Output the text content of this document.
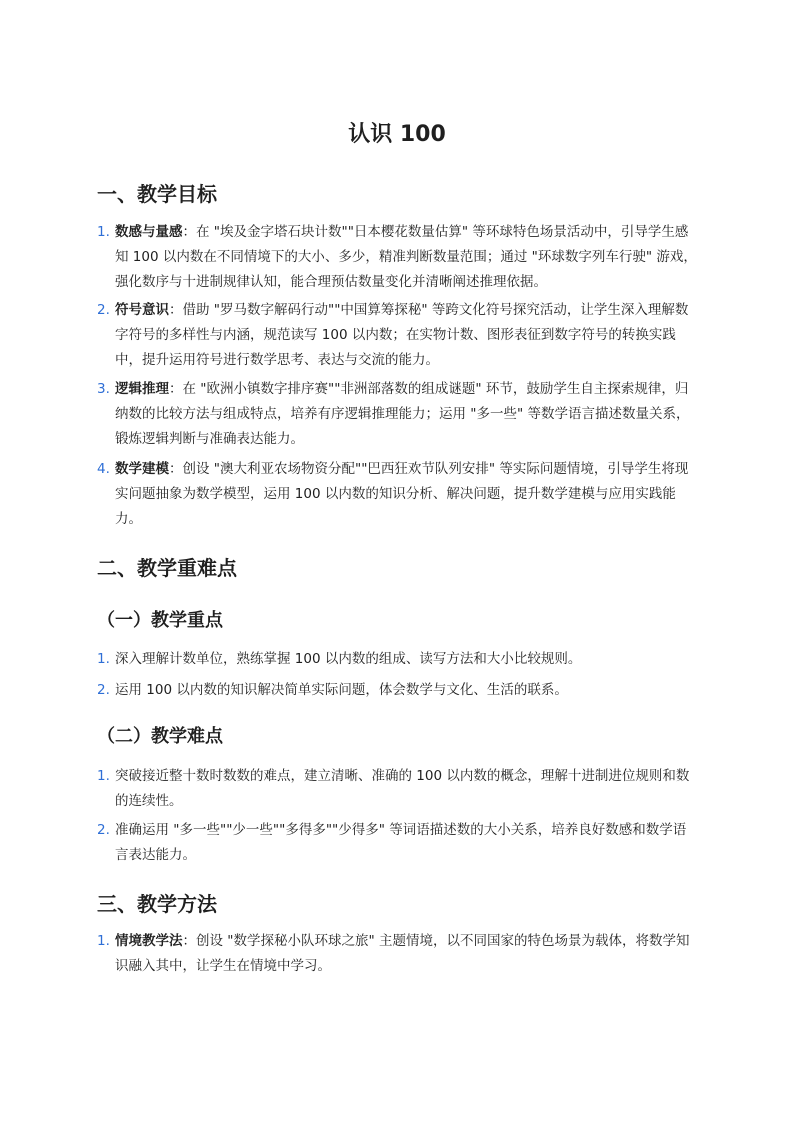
认识 100
一、教学目标
1. 数感与量感：在 "埃及金字塔石块计数""日本樱花数量估算" 等环球特色场景活动中，引导学生感知 100 以内数在不同情境下的大小、多少，精准判断数量范围；通过 "环球数字列车行驶" 游戏，强化数序与十进制规律认知，能合理预估数量变化并清晰阐述推理依据。
2. 符号意识：借助 "罗马数字解码行动""中国算筹探秘" 等跨文化符号探究活动，让学生深入理解数字符号的多样性与内涵，规范读写 100 以内数；在实物计数、图形表征到数字符号的转换实践中，提升运用符号进行数学思考、表达与交流的能力。
3. 逻辑推理：在 "欧洲小镇数字排序赛""非洲部落数的组成谜题" 环节，鼓励学生自主探索规律，归纳数的比较方法与组成特点，培养有序逻辑推理能力；运用 "多一些" 等数学语言描述数量关系，锻炼逻辑判断与准确表达能力。
4. 数学建模：创设 "澳大利亚农场物资分配""巴西狂欢节队列安排" 等实际问题情境，引导学生将现实问题抽象为数学模型，运用 100 以内数的知识分析、解决问题，提升数学建模与应用实践能力。
二、教学重难点
（一）教学重点
1. 深入理解计数单位，熟练掌握 100 以内数的组成、读写方法和大小比较规则。
2. 运用 100 以内数的知识解决简单实际问题，体会数学与文化、生活的联系。
（二）教学难点
1. 突破接近整十数时数数的难点，建立清晰、准确的 100 以内数的概念，理解十进制进位规则和数的连续性。
2. 准确运用 "多一些""少一些""多得多""少得多" 等词语描述数的大小关系，培养良好数感和数学语言表达能力。
三、教学方法
1. 情境教学法：创设 "数学探秘小队环球之旅" 主题情境，以不同国家的特色场景为载体，将数学知识融入其中，让学生在情境中学习。
